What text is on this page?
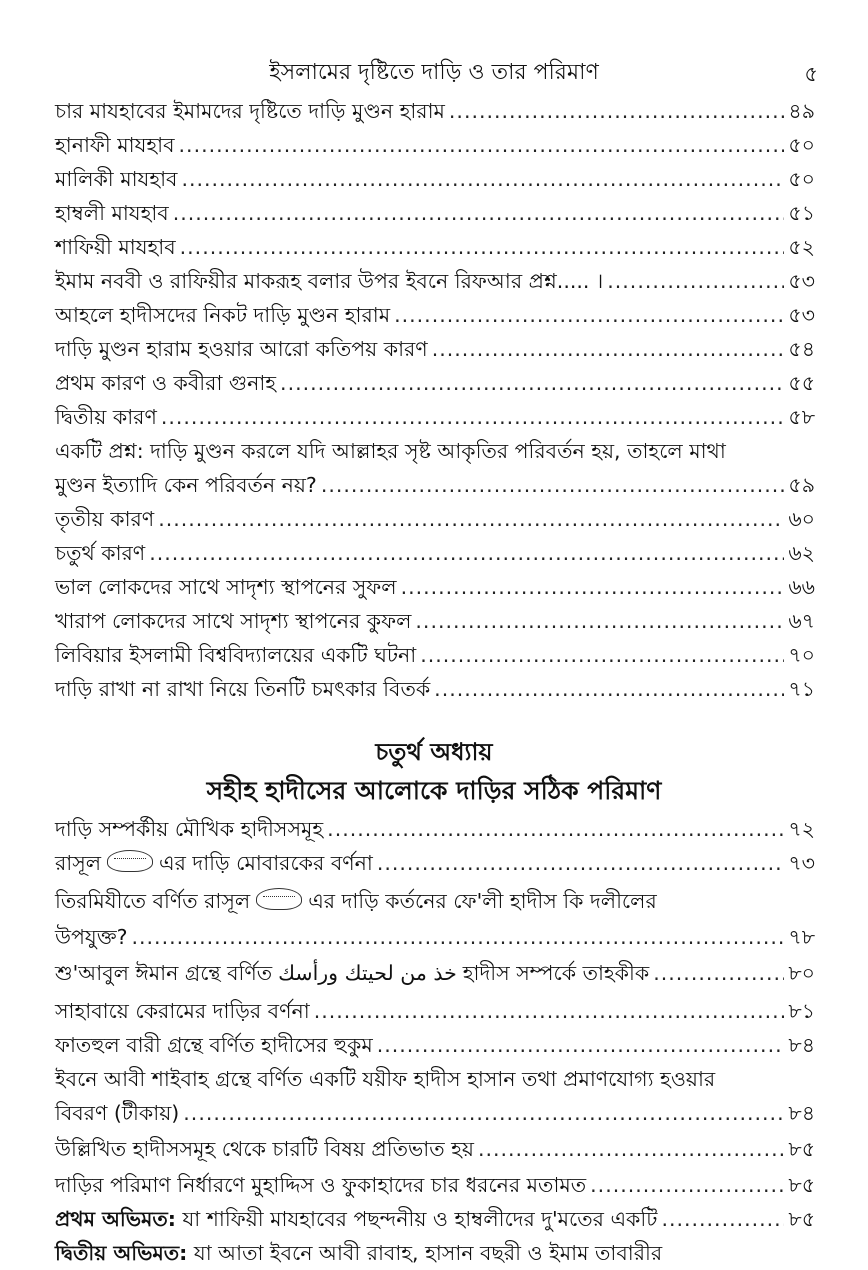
ইসলামের দৃষ্টিতে দাড়ি ও তার পরিমাণ	৫
চার মাযহাবের ইমামদের দৃষ্টিতে দাড়ি মুণ্ডন হারাম .....	৪৯
হানাফী মাযহাব .....	৫০
মালিকী মাযহাব .....	৫০
হাম্বলী মাযহাব .....	৫১
শাফিয়ী মাযহাব .....	৫২
ইমাম নববী ও রাফিয়ীর মাকরূহ বলার উপর ইবনে রিফআর প্রশ্ন..... । .....	৫৩
আহলে হাদীসদের নিকট দাড়ি মুণ্ডন হারাম .....	৫৩
দাড়ি মুণ্ডন হারাম হওয়ার আরো কতিপয় কারণ .....	৫৪
প্রথম কারণ ও কবীরা গুনাহ .....	৫৫
দ্বিতীয় কারণ .....	৫৮
একটি প্রশ্ন: দাড়ি মুণ্ডন করলে যদি আল্লাহর সৃষ্ট আকৃতির পরিবর্তন হয়, তাহলে মাথা
মুণ্ডন ইত্যাদি কেন পরিবর্তন নয়? .....	৫৯
তৃতীয় কারণ .....	৬০
চতুর্থ কারণ .....	৬২
ভাল লোকদের সাথে সাদৃশ্য স্থাপনের সুফল .....	৬৬
খারাপ লোকদের সাথে সাদৃশ্য স্থাপনের কুফল .....	৬৭
লিবিয়ার ইসলামী বিশ্ববিদ্যালয়ের একটি ঘটনা .....	৭০
দাড়ি রাখা না রাখা নিয়ে তিনটি চমৎকার বিতর্ক .....	৭১
চতুর্থ অধ্যায়
সহীহ হাদীসের আলোকে দাড়ির সঠিক পরিমাণ
দাড়ি সম্পর্কীয় মৌখিক হাদীসসমূহ .....	৭২
রাসূল	এর দাড়ি মোবারকের বর্ণনা .....	৭৩
তিরমিযীতে বর্ণিত রাসূল	এর দাড়ি কর্তনের ফে'লী হাদীস কি দলীলের
উপযুক্ত? .....	৭৮
শু'আবুল ঈমান গ্রন্থে বর্ণিত خذ من لحيتك ورأسك হাদীস সম্পর্কে তাহকীক .....	৮০
সাহাবায়ে কেরামের দাড়ির বর্ণনা .....	৮১
ফাতহুল বারী গ্রন্থে বর্ণিত হাদীসের হুকুম .....	৮৪
ইবনে আবী শাইবাহ গ্রন্থে বর্ণিত একটি যয়ীফ হাদীস হাসান তথা প্রমাণযোগ্য হওয়ার
বিবরণ (টীকায়) .....	৮৪
উল্লিখিত হাদীসসমূহ থেকে চারটি বিষয় প্রতিভাত হয় .....	৮৫
দাড়ির পরিমাণ নির্ধারণে মুহাদ্দিস ও ফুকাহাদের চার ধরনের মতামত .....	৮৫
প্রথম অভিমত: যা শাফিয়ী মাযহাবের পছন্দনীয় ও হাম্বলীদের দু'মতের একটি .....	৮৫
দ্বিতীয় অভিমত: যা আতা ইবনে আবী রাবাহ, হাসান বছরী ও ইমাম তাবারীর
